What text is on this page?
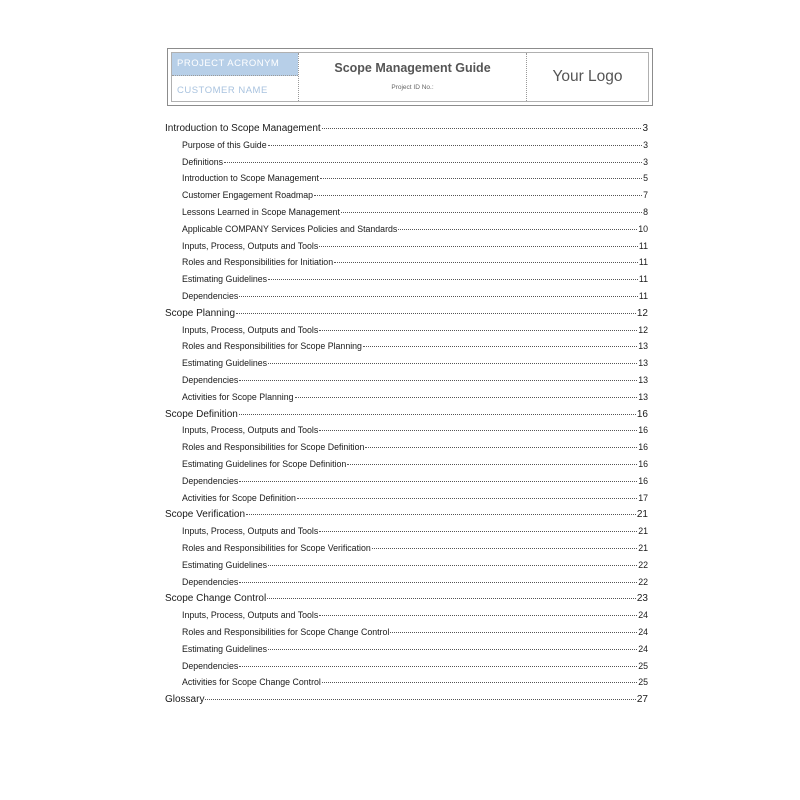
PROJECT ACRONYM
CUSTOMER NAME
Scope Management Guide
Project ID No.:
Your Logo
Introduction to Scope Management	3
Purpose of this Guide	3
Definitions	3
Introduction to Scope Management	5
Customer Engagement Roadmap	7
Lessons Learned in Scope Management	8
Applicable COMPANY Services Policies and Standards	10
Inputs, Process, Outputs and Tools	11
Roles and Responsibilities for Initiation	11
Estimating Guidelines	11
Dependencies	11
Scope Planning	12
Inputs, Process, Outputs and Tools	12
Roles and Responsibilities for Scope Planning	13
Estimating Guidelines	13
Dependencies	13
Activities for Scope Planning	13
Scope Definition	16
Inputs, Process, Outputs and Tools	16
Roles and Responsibilities for Scope Definition	16
Estimating Guidelines for Scope Definition	16
Dependencies	16
Activities for Scope Definition	17
Scope Verification	21
Inputs, Process, Outputs and Tools	21
Roles and Responsibilities for Scope Verification	21
Estimating Guidelines	22
Dependencies	22
Scope Change Control	23
Inputs, Process, Outputs and Tools	24
Roles and Responsibilities for Scope Change Control	24
Estimating Guidelines	24
Dependencies	25
Activities for Scope Change Control	25
Glossary	27
